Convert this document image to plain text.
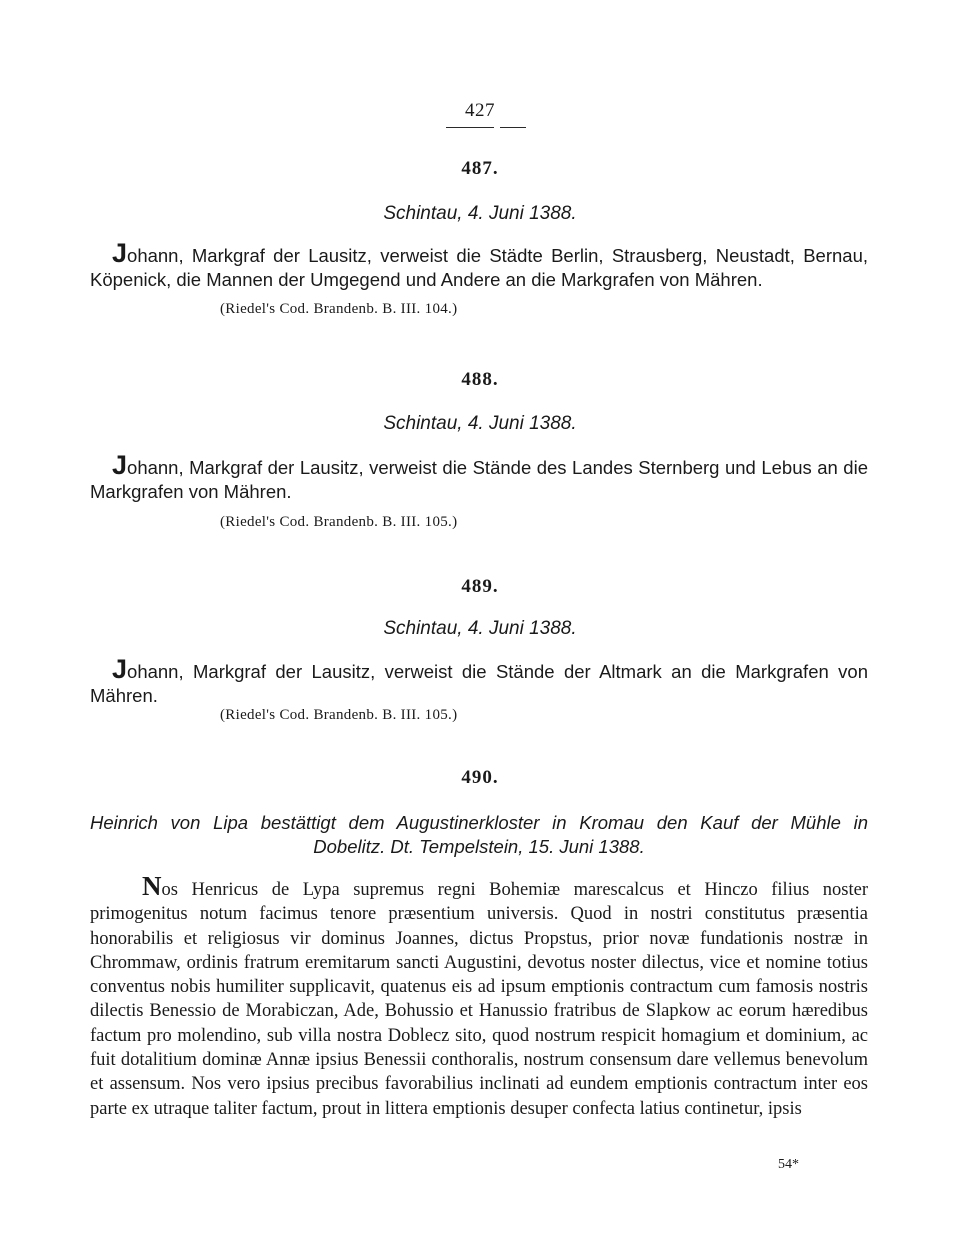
427
487.
Schintau, 4. Juni 1388.

Johann, Markgraf der Lausitz, verweist die Städte Berlin, Strausberg, Neustadt, Bernau, Köpenick, die Mannen der Umgegend und Andere an die Markgrafen von Mähren.

(Riedel's Cod. Brandenb. B. III. 104.)
488.
Schintau, 4. Juni 1388.

Johann, Markgraf der Lausitz, verweist die Stände des Landes Sternberg und Lebus an die Markgrafen von Mähren.

(Riedel's Cod. Brandenb. B. III. 105.)
489.
Schintau, 4. Juni 1388.

Johann, Markgraf der Lausitz, verweist die Stände der Altmark an die Markgrafen von Mähren.

(Riedel's Cod. Brandenb. B. III. 105.)
490.
Heinrich von Lipa bestättigt dem Augustinerkloster in Kromau den Kauf der Mühle in
Dobelitz. Dt. Tempelstein, 15. Juni 1388.

Nos Henricus de Lypa supremus regni Bohemiæ marescalcus et Hinczo filius noster primogenitus notum facimus tenore præsentium universis. Quod in nostri constitutus præsentia honorabilis et religiosus vir dominus Joannes, dictus Propstus, prior novæ fundationis nostræ in Chrommaw, ordinis fratrum eremitarum sancti Augustini, devotus noster dilectus, vice et nomine totius conventus nobis humiliter supplicavit, quatenus eis ad ipsum emptionis contractum cum famosis nostris dilectis Benessio de Morabiczan, Ade, Bohussio et Hanussio fratribus de Slapkow ac eorum hæredibus factum pro molendino, sub villa nostra Doblecz sito, quod nostrum respicit homagium et dominium, ac fuit dotalitium dominæ Annæ ipsius Benessii conthoralis, nostrum consensum dare vellemus benevolum et assensum. Nos vero ipsius precibus favorabilius inclinati ad eundem emptionis contractum inter eos parte ex utraque taliter factum, prout in littera emptionis desuper confecta latius continetur, ipsis

54*
